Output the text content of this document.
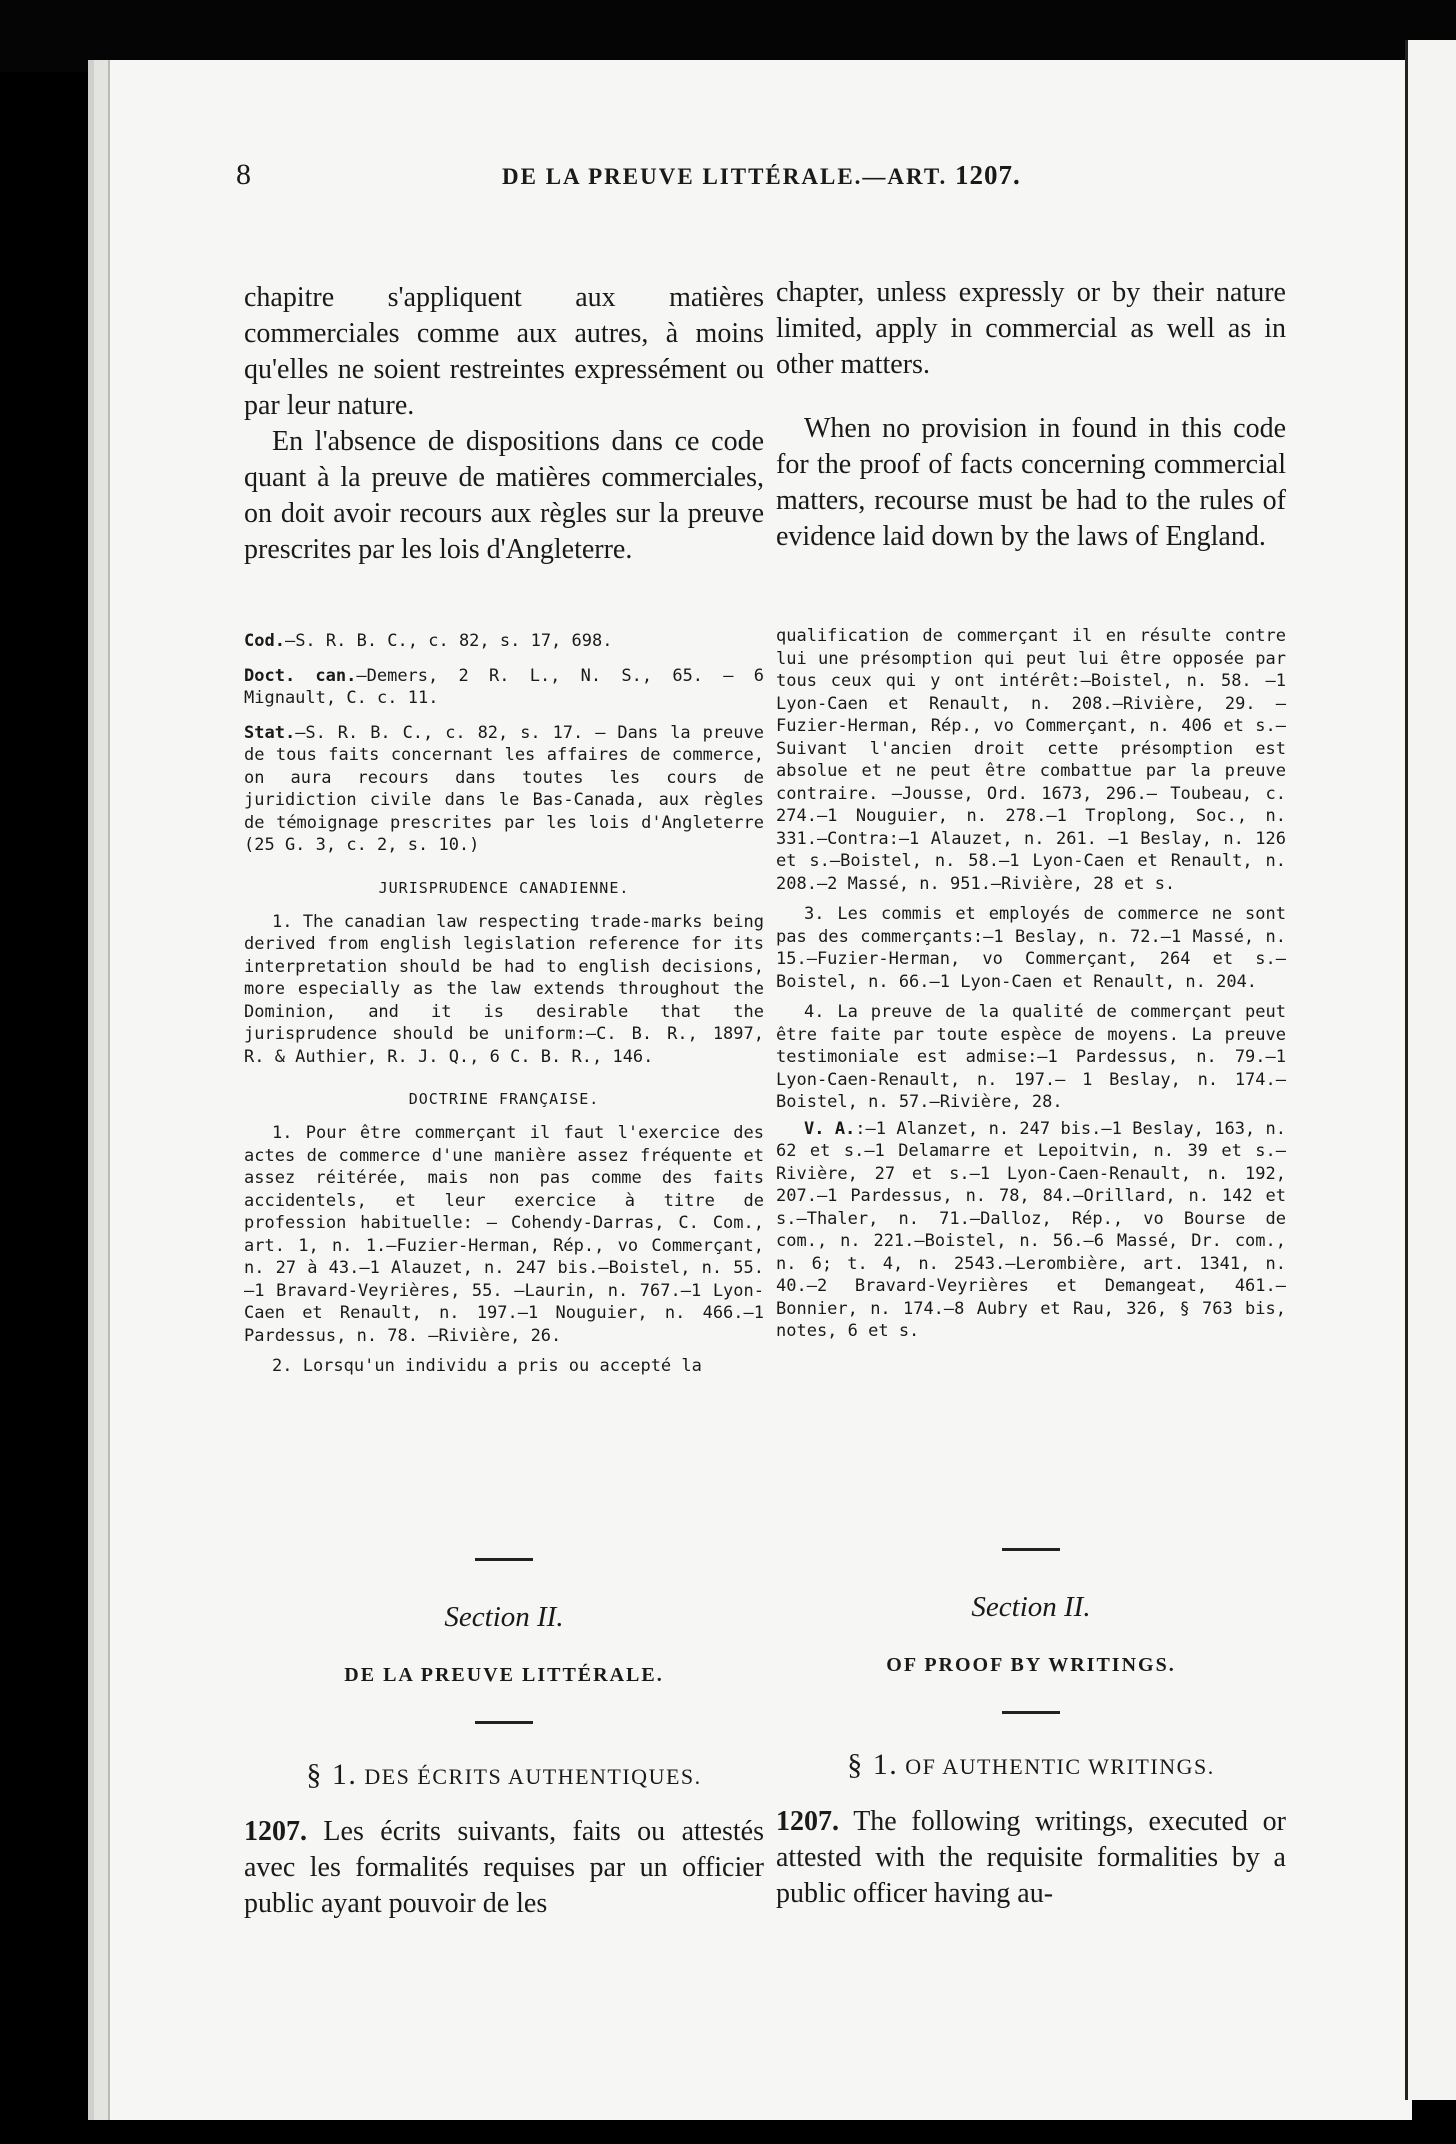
8	DE LA PREUVE LITTÉRALE.—ART. 1207.

chapitre s'appliquent aux matières commerciales comme aux autres, à moins qu'elles ne soient restreintes expressément ou par leur nature.

En l'absence de dispositions dans ce code quant à la preuve de matières commerciales, on doit avoir recours aux règles sur la preuve prescrites par les lois d'Angleterre.

Cod.—S. R. B. C., c. 82, s. 17, 698.

Doct. can.—Demers, 2 R. L., N. S., 65. — 6 Mignault, C. c. 11.

Stat.—S. R. B. C., c. 82, s. 17. — Dans la preuve de tous faits concernant les affaires de commerce, on aura recours dans toutes les cours de juridiction civile dans le Bas-Canada, aux règles de témoignage prescrites par les lois d'Angleterre (25 G. 3, c. 2, s. 10.)

JURISPRUDENCE CANADIENNE.

1. The canadian law respecting trade-marks being derived from english legislation reference for its interpretation should be had to english decisions, more especially as the law extends throughout the Dominion, and it is desirable that the jurisprudence should be uniform:—C. B. R., 1897, R. & Authier, R. J. Q., 6 C. B. R., 146.

DOCTRINE FRANÇAISE.

1. Pour être commerçant il faut l'exercice des actes de commerce d'une manière assez fréquente et assez réitérée, mais non pas comme des faits accidentels, et leur exercice à titre de profession habituelle: — Cohendy-Darras, C. Com., art. 1, n. 1.—Fuzier-Herman, Rép., vo Commerçant, n. 27 à 43.—1 Alauzet, n. 247 bis.—Boistel, n. 55.—1 Bravard-Veyrières, 55. —Laurin, n. 767.—1 Lyon-Caen et Renault, n. 197.—1 Nouguier, n. 466.—1 Pardessus, n. 78. —Rivière, 26.

2. Lorsqu'un individu a pris ou accepté la

chapter, unless expressly or by their nature limited, apply in commercial as well as in other matters.

When no provision in found in this code for the proof of facts concerning commercial matters, recourse must be had to the rules of evidence laid down by the laws of England.

qualification de commerçant il en résulte contre lui une présomption qui peut lui être opposée par tous ceux qui y ont intérêt:—Boistel, n. 58. —1 Lyon-Caen et Renault, n. 208.—Rivière, 29. —Fuzier-Herman, Rép., vo Commerçant, n. 406 et s.—Suivant l'ancien droit cette présomption est absolue et ne peut être combattue par la preuve contraire. —Jousse, Ord. 1673, 296.— Toubeau, c. 274.—1 Nouguier, n. 278.—1 Troplong, Soc., n. 331.—Contra:—1 Alauzet, n. 261. —1 Beslay, n. 126 et s.—Boistel, n. 58.—1 Lyon-Caen et Renault, n. 208.—2 Massé, n. 951.—Rivière, 28 et s.

3. Les commis et employés de commerce ne sont pas des commerçants:—1 Beslay, n. 72.—1 Massé, n. 15.—Fuzier-Herman, vo Commerçant, 264 et s.—Boistel, n. 66.—1 Lyon-Caen et Renault, n. 204.

4. La preuve de la qualité de commerçant peut être faite par toute espèce de moyens. La preuve testimoniale est admise:—1 Pardessus, n. 79.—1 Lyon-Caen-Renault, n. 197.— 1 Beslay, n. 174.—Boistel, n. 57.—Rivière, 28.

V. A.:—1 Alanzet, n. 247 bis.—1 Beslay, 163, n. 62 et s.—1 Delamarre et Lepoitvin, n. 39 et s.—Rivière, 27 et s.—1 Lyon-Caen-Renault, n. 192, 207.—1 Pardessus, n. 78, 84.—Orillard, n. 142 et s.—Thaler, n. 71.—Dalloz, Rép., vo Bourse de com., n. 221.—Boistel, n. 56.—6 Massé, Dr. com., n. 6; t. 4, n. 2543.—Lerombière, art. 1341, n. 40.—2 Bravard-Veyrières et Demangeat, 461.—Bonnier, n. 174.—8 Aubry et Rau, 326, § 763 bis, notes, 6 et s.

Section II.

DE LA PREUVE LITTÉRALE.

§ 1. DES ÉCRITS AUTHENTIQUES.

1207. Les écrits suivants, faits ou attestés avec les formalités requises par un officier public ayant pouvoir de les

Section II.

OF PROOF BY WRITINGS.

§ 1. OF AUTHENTIC WRITINGS.

1207. The following writings, executed or attested with the requisite formalities by a public officer having au-
